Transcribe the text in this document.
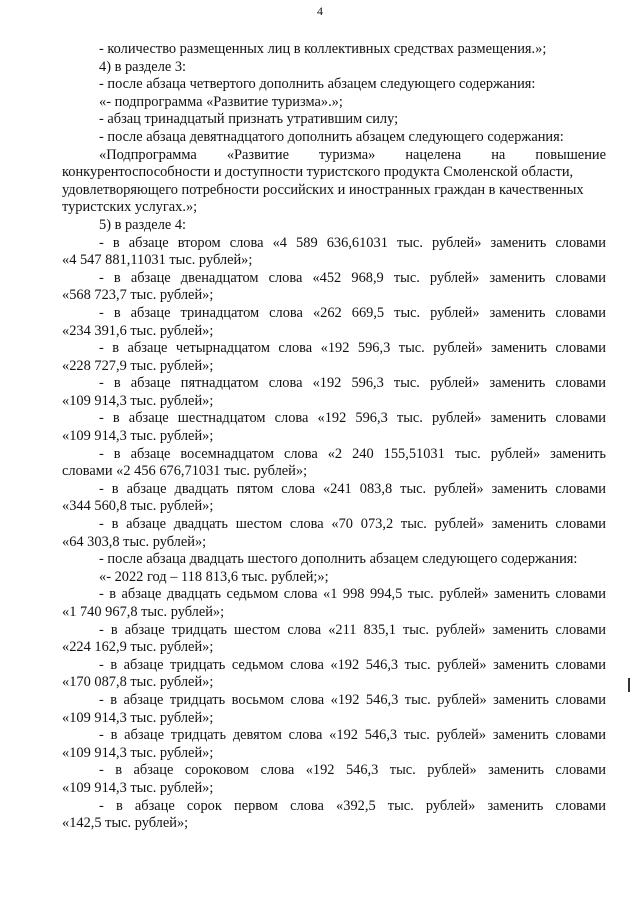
4
- количество размещенных лиц в коллективных средствах размещения.»;
4) в разделе 3:
- после абзаца четвертого дополнить абзацем следующего содержания:
«- подпрограмма «Развитие туризма».»;
- абзац тринадцатый признать утратившим силу;
- после абзаца девятнадцатого дополнить абзацем следующего содержания:
«Подпрограмма «Развитие туризма» нацелена на повышение
конкурентоспособности и доступности туристского продукта Смоленской области,
удовлетворяющего потребности российских и иностранных граждан в качественных
туристских услугах.»;
5) в разделе 4:
- в абзаце втором слова «4 589 636,61031 тыс. рублей» заменить словами
«4 547 881,11031 тыс. рублей»;
- в абзаце двенадцатом слова «452 968,9 тыс. рублей» заменить словами
«568 723,7 тыс. рублей»;
- в абзаце тринадцатом слова «262 669,5 тыс. рублей» заменить словами
«234 391,6 тыс. рублей»;
- в абзаце четырнадцатом слова «192 596,3 тыс. рублей» заменить словами
«228 727,9 тыс. рублей»;
- в абзаце пятнадцатом слова «192 596,3 тыс. рублей» заменить словами
«109 914,3 тыс. рублей»;
- в абзаце шестнадцатом слова «192 596,3 тыс. рублей» заменить словами
«109 914,3 тыс. рублей»;
- в абзаце восемнадцатом слова «2 240 155,51031 тыс. рублей» заменить
словами «2 456 676,71031 тыс. рублей»;
- в абзаце двадцать пятом слова «241 083,8 тыс. рублей» заменить словами
«344 560,8 тыс. рублей»;
- в абзаце двадцать шестом слова «70 073,2 тыс. рублей» заменить словами
«64 303,8 тыс. рублей»;
- после абзаца двадцать шестого дополнить абзацем следующего содержания:
«- 2022 год – 118 813,6 тыс. рублей;»;
- в абзаце двадцать седьмом слова «1 998 994,5 тыс. рублей» заменить словами
«1 740 967,8 тыс. рублей»;
- в абзаце тридцать шестом слова «211 835,1 тыс. рублей» заменить словами
«224 162,9 тыс. рублей»;
- в абзаце тридцать седьмом слова «192 546,3 тыс. рублей» заменить словами
«170 087,8 тыс. рублей»;
- в абзаце тридцать восьмом слова «192 546,3 тыс. рублей» заменить словами
«109 914,3 тыс. рублей»;
- в абзаце тридцать девятом слова «192 546,3 тыс. рублей» заменить словами
«109 914,3 тыс. рублей»;
- в абзаце сороковом слова «192 546,3 тыс. рублей» заменить словами
«109 914,3 тыс. рублей»;
- в абзаце сорок первом слова «392,5 тыс. рублей» заменить словами
«142,5 тыс. рублей»;
